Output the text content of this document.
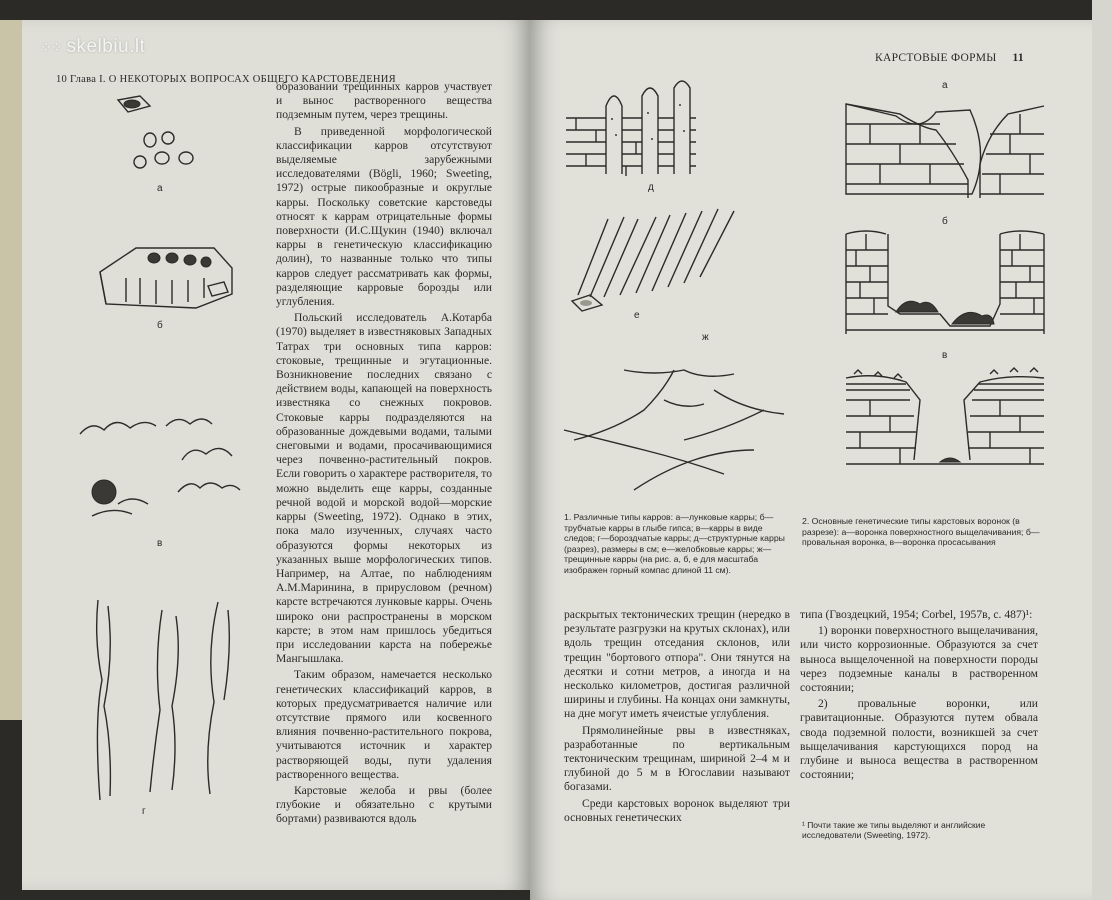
10 Глава I. О НЕКОТОРЫХ ВОПРОСАХ ОБЩЕГО КАРСТОВЕДЕНИЯ
а
б
в
г

образовании трещинных карров участвует и вынос растворенного вещества подземным путем, через трещины.

В приведенной морфологической классификации карров отсутствуют выделяемые зарубежными исследователями (Bögli, 1960; Sweeting, 1972) острые пикообразные и округлые карры. Поскольку советские карстоведы относят к каррам отрицательные формы поверхности (И.С.Щукин (1940) включал карры в генетическую классификацию долин), то названные только что типы карров следует рассматривать как формы, разделяющие карровые борозды или углубления.

Польский исследователь А.Котарба (1970) выделяет в известняковых Западных Татрах три основных типа карров: стоковые, трещинные и эгутационные. Возникновение последних связано с действием воды, капающей на поверхность известняка со снежных покровов. Стоковые карры подразделяются на образованные дождевыми водами, талыми снеговыми и водами, просачивающимися через почвенно-растительный покров. Если говорить о характере растворителя, то можно выделить еще карры, созданные речной водой и морской водой—морские карры (Sweeting, 1972). Однако в этих, пока мало изученных, случаях часто образуются формы некоторых из указанных выше морфологических типов. Например, на Алтае, по наблюдениям А.М.Маринина, в прирусловом (речном) карсте встречаются лунковые карры. Очень широко они распространены в морском карсте; в этом нам пришлось убедиться при исследовании карста на побережье Мангышлака.

Таким образом, намечается несколько генетических классификаций карров, в которых предусматривается наличие или отсутствие прямого или косвенного влияния почвенно-растительного покрова, учитываются источник и характер растворяющей воды, пути удаления растворенного вещества.

Карстовые желоба и рвы (более глубокие и обязательно с крутыми бортами) развиваются вдоль

КАРСТОВЫЕ ФОРМЫ 11
д
е
ж
а
б
в
1. Различные типы карров: а—лунковые карры; б—трубчатые карры в глыбе гипса; в—карры в виде следов; г—бороздчатые карры; д—структурные карры (разрез), размеры в см; е—желобковые карры; ж—трещинные карры (на рис. а, б, е для масштаба изображен горный компас длиной 11 см).
2. Основные генетические типы карстовых воронок (в разрезе): а—воронка поверхностного выщелачивания; б—провальная воронка, в—воронка просасывания

раскрытых тектонических трещин (нередко в результате разгрузки на крутых склонах), или вдоль трещин отседания склонов, или трещин "бортового отпора". Они тянутся на десятки и сотни метров, а иногда и на несколько километров, достигая различной ширины и глубины. На концах они замкнуты, на дне могут иметь ячеистые углубления.

Прямолинейные рвы в известняках, разработанные по вертикальным тектоническим трещинам, шириной 2–4 м и глубиной до 5 м в Югославии называют богазами.

Среди карстовых воронок выделяют три основных генетических

типа (Гвоздецкий, 1954; Corbel, 1957в, с. 487)¹:

1) воронки поверхностного выщелачивания, или чисто коррозионные. Образуются за счет выноса выщелоченной на поверхности породы через подземные каналы в растворенном состоянии;

2) провальные воронки, или гравитационные. Образуются путем обвала свода подземной полости, возникшей за счет выщелачивания карстующихся пород на глубине и выноса вещества в растворенном состоянии;

¹ Почти такие же типы выделяют и английские исследователи (Sweeting, 1972).
⁘⁘ skelbiu.lt
